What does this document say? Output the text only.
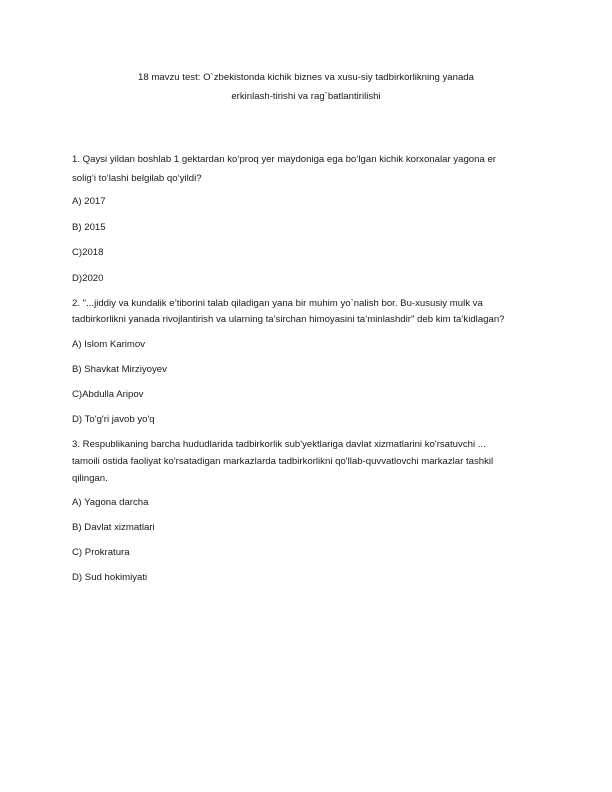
18 mavzu test: O`zbekistonda kichik biznes va xusu-siy tadbirkorlikning yanada
erkinlash-tirishi va rag`batlantirilishi
1. Qaysi yildan boshlab 1 gektardan ko‘proq yer maydoniga ega bo‘lgan kichik korxonalar yagona er
solig‘i to‘lashi belgilab qo‘yildi?
A) 2017
B) 2015
C)2018
D)2020
2. "...jiddiy va kundalik e’tiborini talab qiladigan yana bir muhim yo`nalish bor. Bu-xususiy mulk va
tadbirkorlikni yanada rivojlantirish va ularning ta’sirchan himoyasini ta’minlashdir" deb kim ta’kidlagan?
A) Islom Karimov
B) Shavkat Mirziyoyev
C)Abdulla Aripov
D) To'g'ri javob yo'q
3. Respublikaning barcha hududlarida tadbirkorlik sub'yektlariga davlat xizmatlarini ko'rsatuvchi ...
tamoili ostida faoliyat ko'rsatadigan markazlarda tadbirkorlikni qo'llab-quvvatlovchi markazlar tashkil
qilingan.
A) Yagona darcha
B) Davlat xizmatlari
C) Prokratura
D) Sud hokimiyati
